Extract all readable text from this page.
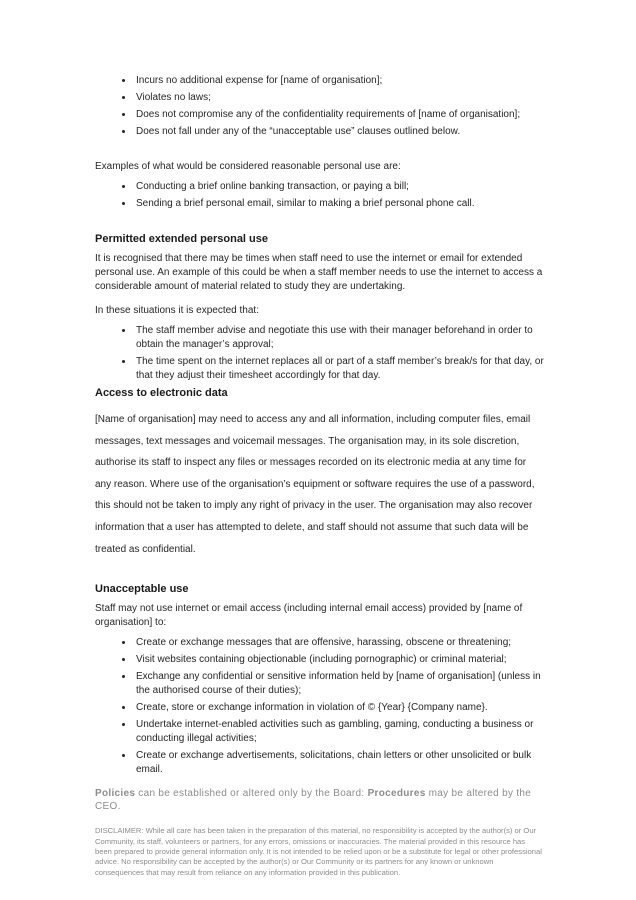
• Incurs no additional expense for [name of organisation];
• Violates no laws;
• Does not compromise any of the confidentiality requirements of [name of organisation];
• Does not fall under any of the “unacceptable use” clauses outlined below.

Examples of what would be considered reasonable personal use are:

• Conducting a brief online banking transaction, or paying a bill;
• Sending a brief personal email, similar to making a brief personal phone call.
Permitted extended personal use

It is recognised that there may be times when staff need to use the internet or email for extended personal use. An example of this could be when a staff member needs to use the internet to access a considerable amount of material related to study they are undertaking.

In these situations it is expected that:

• The staff member advise and negotiate this use with their manager beforehand in order to obtain the manager’s approval;
• The time spent on the internet replaces all or part of a staff member’s break/s for that day, or that they adjust their timesheet accordingly for that day.
Access to electronic data

[Name of organisation] may need to access any and all information, including computer files, email messages, text messages and voicemail messages. The organisation may, in its sole discretion, authorise its staff to inspect any files or messages recorded on its electronic media at any time for any reason. Where use of the organisation’s equipment or software requires the use of a password, this should not be taken to imply any right of privacy in the user. The organisation may also recover information that a user has attempted to delete, and staff should not assume that such data will be treated as confidential.

Unacceptable use

Staff may not use internet or email access (including internal email access) provided by [name of organisation] to:

• Create or exchange messages that are offensive, harassing, obscene or threatening;
• Visit websites containing objectionable (including pornographic) or criminal material;
• Exchange any confidential or sensitive information held by [name of organisation] (unless in the authorised course of their duties);
• Create, store or exchange information in violation of © {Year} {Company name}.
• Undertake internet-enabled activities such as gambling, gaming, conducting a business or conducting illegal activities;
• Create or exchange advertisements, solicitations, chain letters or other unsolicited or bulk email.

Policies can be established or altered only by the Board: Procedures may be altered by the CEO.

DISCLAIMER: While all care has been taken in the preparation of this material, no responsibility is accepted by the author(s) or Our Community, its staff, volunteers or partners, for any errors, omissions or inaccuracies. The material provided in this resource has been prepared to provide general information only. It is not intended to be relied upon or be a substitute for legal or other professional advice. No responsibility can be accepted by the author(s) or Our Community or its partners for any known or unknown consequences that may result from reliance on any information provided in this publication.
